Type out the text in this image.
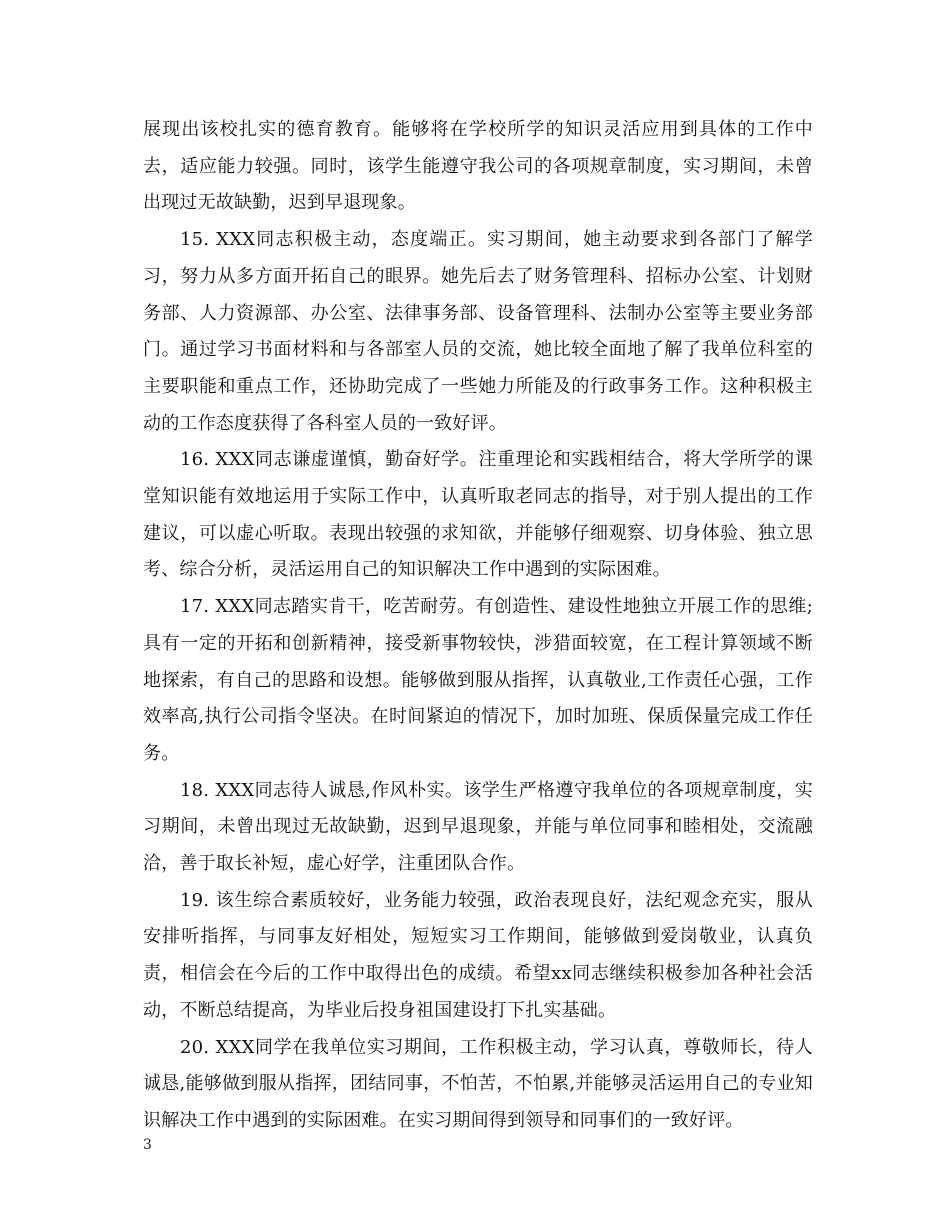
展现出该校扎实的德育教育。能够将在学校所学的知识灵活应用到具体的工作中去，适应能力较强。同时，该学生能遵守我公司的各项规章制度，实习期间，未曾出现过无故缺勤，迟到早退现象。

15. XXX同志积极主动，态度端正。实习期间，她主动要求到各部门了解学习，努力从多方面开拓自己的眼界。她先后去了财务管理科、招标办公室、计划财务部、人力资源部、办公室、法律事务部、设备管理科、法制办公室等主要业务部门。通过学习书面材料和与各部室人员的交流，她比较全面地了解了我单位科室的主要职能和重点工作，还协助完成了一些她力所能及的行政事务工作。这种积极主动的工作态度获得了各科室人员的一致好评。

16. XXX同志谦虚谨慎，勤奋好学。注重理论和实践相结合，将大学所学的课堂知识能有效地运用于实际工作中，认真听取老同志的指导，对于别人提出的工作建议，可以虚心听取。表现出较强的求知欲，并能够仔细观察、切身体验、独立思考、综合分析，灵活运用自己的知识解决工作中遇到的实际困难。

17. XXX同志踏实肯干，吃苦耐劳。有创造性、建设性地独立开展工作的思维;具有一定的开拓和创新精神，接受新事物较快，涉猎面较宽，在工程计算领域不断地探索，有自己的思路和设想。能够做到服从指挥，认真敬业,工作责任心强，工作效率高,执行公司指令坚决。在时间紧迫的情况下，加时加班、保质保量完成工作任务。

18. XXX同志待人诚恳,作风朴实。该学生严格遵守我单位的各项规章制度，实习期间，未曾出现过无故缺勤，迟到早退现象，并能与单位同事和睦相处，交流融洽，善于取长补短，虚心好学，注重团队合作。

19. 该生综合素质较好，业务能力较强，政治表现良好，法纪观念充实，服从安排听指挥，与同事友好相处，短短实习工作期间，能够做到爱岗敬业，认真负责，相信会在今后的工作中取得出色的成绩。希望xx同志继续积极参加各种社会活动，不断总结提高，为毕业后投身祖国建设打下扎实基础。

20. XXX同学在我单位实习期间，工作积极主动，学习认真，尊敬师长，待人诚恳,能够做到服从指挥，团结同事，不怕苦，不怕累,并能够灵活运用自己的专业知识解决工作中遇到的实际困难。在实习期间得到领导和同事们的一致好评。

3
